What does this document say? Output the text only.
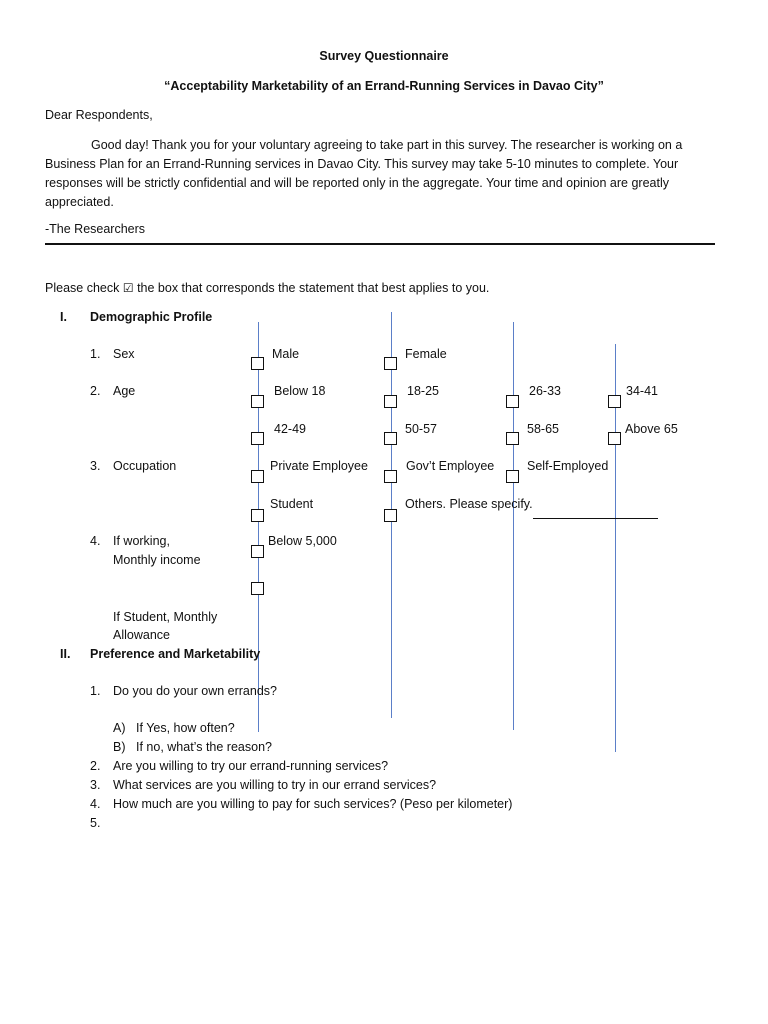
Survey Questionnaire
“Acceptability Marketability of an Errand-Running Services in Davao City”
Dear Respondents,
Good day! Thank you for your voluntary agreeing to take part in this survey. The researcher is working on a Business Plan for an Errand-Running services in Davao City. This survey may take 5-10 minutes to complete. Your responses will be strictly confidential and will be reported only in the aggregate. Your time and opinion are greatly appreciated.
-The Researchers
Please check ☑ the box that corresponds the statement that best applies to you.
I. Demographic Profile
1. Sex	Male	Female
2. Age	Below 18	18-25	26-33	34-41
42-49	50-57	58-65	Above 65
3. Occupation	Private Employee	Gov’t Employee	Self-Employed
Student	Others. Please specify.
4. If working,
Monthly income
Below 5,000
If Student, Monthly
Allowance
II. Preference and Marketability
1. Do you do your own errands?
A) If Yes, how often?
B) If no, what’s the reason?
2. Are you willing to try our errand-running services?
3. What services are you willing to try in our errand services?
4. How much are you willing to pay for such services? (Peso per kilometer)
5.
